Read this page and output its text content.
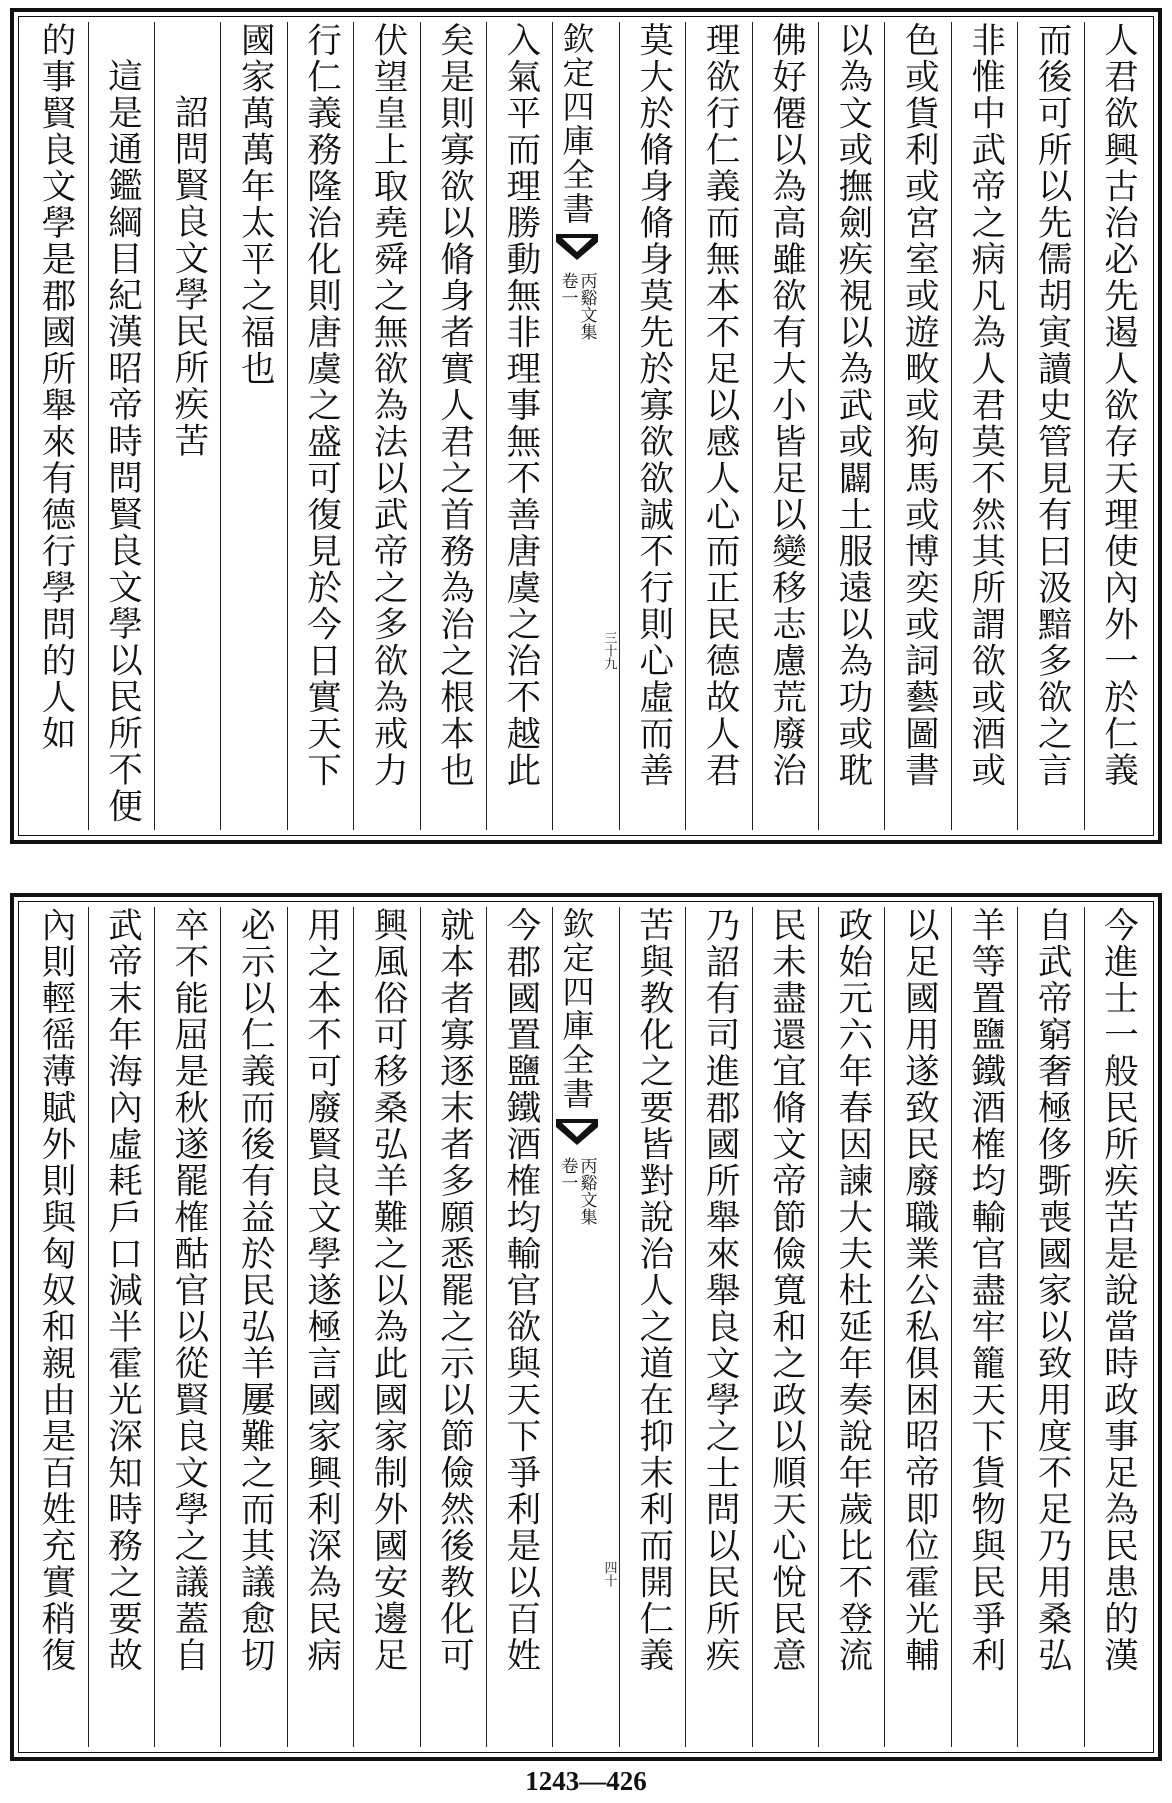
人君欲興古治必先遏人欲存天理使內外一於仁義
而後可所以先儒胡寅讀史管見有曰汲黯多欲之言
非惟中武帝之病凡為人君莫不然其所謂欲或酒或
色或貨利或宮室或遊畋或狗馬或博奕或詞藝圖書
以為文或撫劍疾視以為武或闢土服遠以為功或耽
佛好僊以為高雖欲有大小皆足以變移志慮荒廢治
理欲行仁義而無本不足以感人心而正民德故人君
莫大於脩身脩身莫先於寡欲欲誠不行則心虛而善
欽定四庫全書
丙谿文集
卷一
三十九
入氣平而理勝動無非理事無不善唐虞之治不越此
矣是則寡欲以脩身者實人君之首務為治之根本也
伏望皇上取堯舜之無欲為法以武帝之多欲為戒力
行仁義務隆治化則唐虞之盛可復見於今日實天下
國家萬萬年太平之福也
詔問賢良文學民所疾苦
這是通鑑綱目紀漢昭帝時問賢良文學以民所不便
的事賢良文學是郡國所舉來有德行學問的人如
今進士一般民所疾苦是說當時政事足為民患的漢
自武帝窮奢極侈斲喪國家以致用度不足乃用桑弘
羊等置鹽鐵酒榷均輸官盡牢籠天下貨物與民爭利
以足國用遂致民廢職業公私俱困昭帝即位霍光輔
政始元六年春因諫大夫杜延年奏說年歲比不登流
民未盡還宜脩文帝節儉寬和之政以順天心悅民意
乃詔有司進郡國所舉來舉良文學之士問以民所疾
苦與教化之要皆對說治人之道在抑末利而開仁義
欽定四庫全書
丙谿文集
卷一
四十
今郡國置鹽鐵酒榷均輸官欲與天下爭利是以百姓
就本者寡逐末者多願悉罷之示以節儉然後教化可
興風俗可移桑弘羊難之以為此國家制外國安邊足
用之本不可廢賢良文學遂極言國家興利深為民病
必示以仁義而後有益於民弘羊屢難之而其議愈切
卒不能屈是秋遂罷榷酤官以從賢良文學之議蓋自
武帝末年海內虛耗戶口減半霍光深知時務之要故
內則輕徭薄賦外則與匈奴和親由是百姓充實稍復
1243—426
